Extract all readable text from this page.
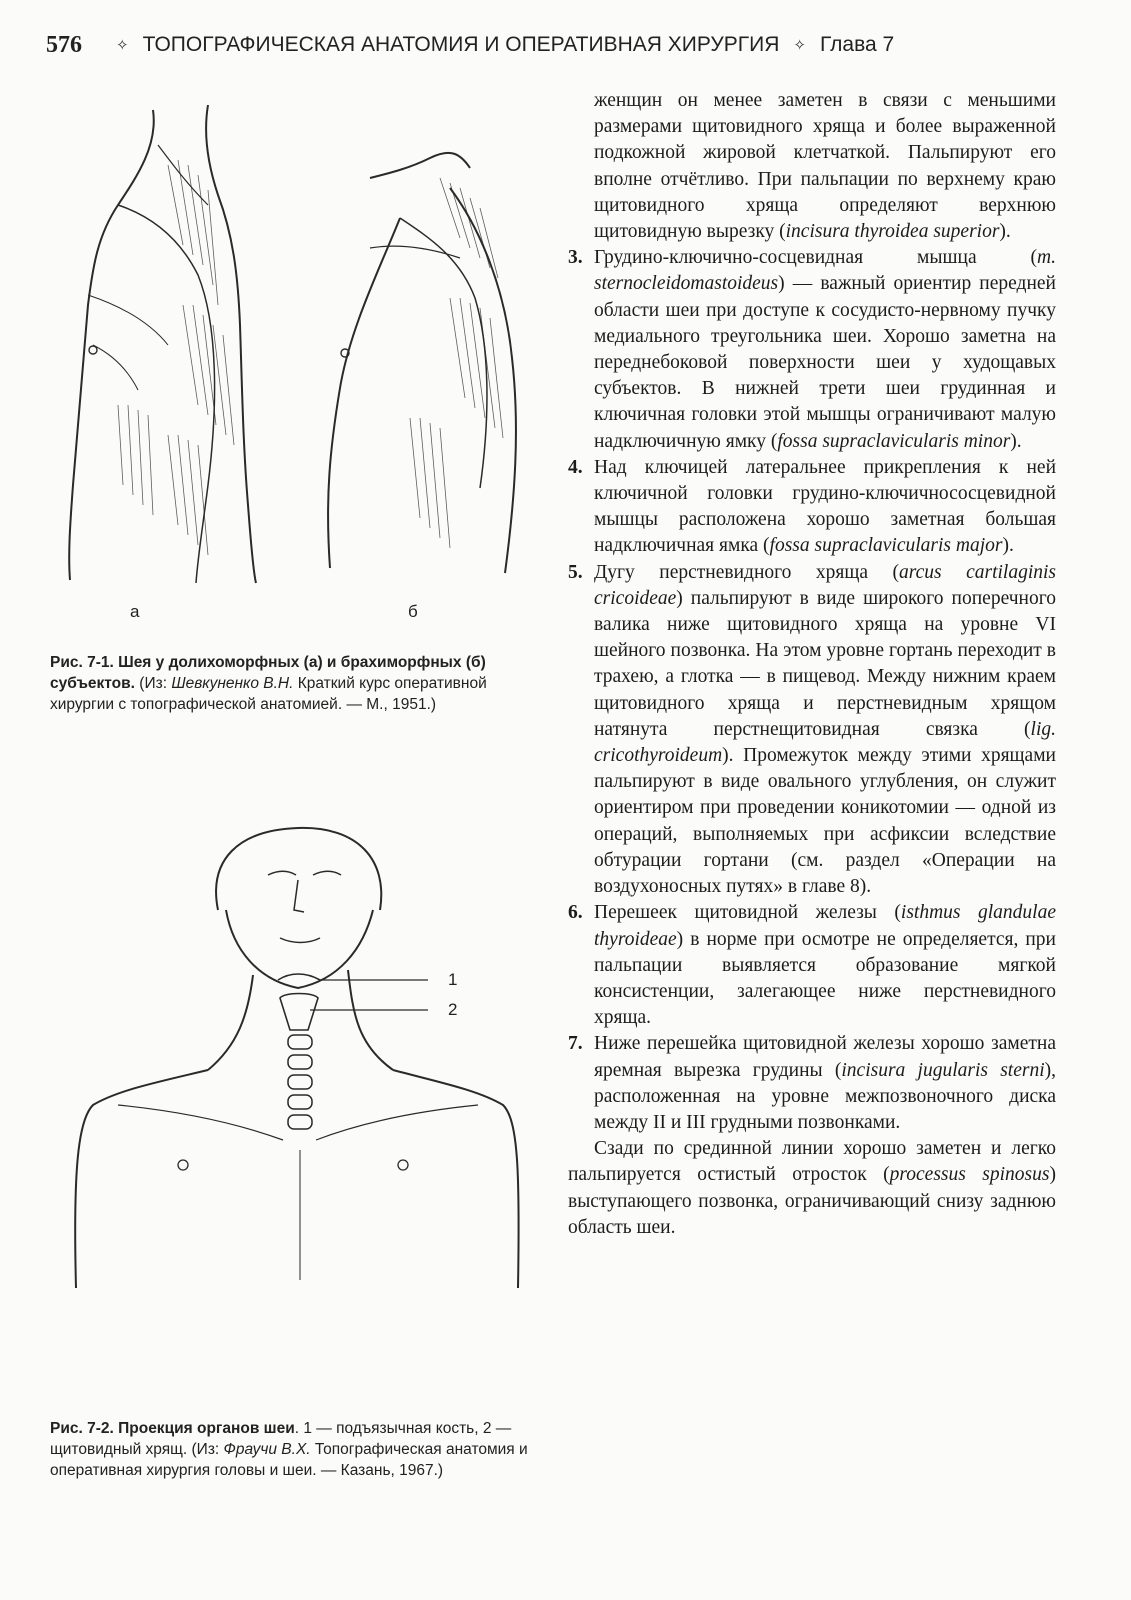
576 ✧ ТОПОГРАФИЧЕСКАЯ АНАТОМИЯ И ОПЕРАТИВНАЯ ХИРУРГИЯ ✧ Глава 7
а	б
Рис. 7-1. Шея у долихоморфных (а) и брахиморфных (б) субъектов. (Из: Шевкуненко В.Н. Краткий курс оперативной хирургии с топографической анатомией. — М., 1951.)
1
2
Рис. 7-2. Проекция органов шеи. 1 — подъязычная кость, 2 — щитовидный хрящ. (Из: Фраучи В.Х. Топографическая анатомия и оперативная хирургия головы и шеи. — Казань, 1967.)

женщин он менее заметен в связи с меньшими размерами щитовидного хряща и более выраженной подкожной жировой клетчаткой. Пальпируют его вполне отчётливо. При пальпации по верхнему краю щитовидного хряща определяют верхнюю щитовидную вырезку (incisura thyroidea superior).

3. Грудино-ключично-сосцевидная мышца (m. sternocleidomastoideus) — важный ориентир передней области шеи при доступе к сосудисто-нервному пучку медиального треугольника шеи. Хорошо заметна на переднебоковой поверхности шеи у худощавых субъектов. В нижней трети шеи грудинная и ключичная головки этой мышцы ограничивают малую надключичную ямку (fossa supraclavicularis minor).

4. Над ключицей латеральнее прикрепления к ней ключичной головки грудино-ключичнососцевидной мышцы расположена хорошо заметная большая надключичная ямка (fossa supraclavicularis major).

5. Дугу перстневидного хряща (arcus cartilaginis cricoideae) пальпируют в виде широкого поперечного валика ниже щитовидного хряща на уровне VI шейного позвонка. На этом уровне гортань переходит в трахею, а глотка — в пищевод. Между нижним краем щитовидного хряща и перстневидным хрящом натянута перстнещитовидная связка (lig. cricothyroideum). Промежуток между этими хрящами пальпируют в виде овального углубления, он служит ориентиром при проведении коникотомии — одной из операций, выполняемых при асфиксии вследствие обтурации гортани (см. раздел «Операции на воздухоносных путях» в главе 8).

6. Перешеек щитовидной железы (isthmus glandulae thyroideae) в норме при осмотре не определяется, при пальпации выявляется образование мягкой консистенции, залегающее ниже перстневидного хряща.

7. Ниже перешейка щитовидной железы хорошо заметна яремная вырезка грудины (incisura jugularis sterni), расположенная на уровне межпозвоночного диска между II и III грудными позвонками.

Сзади по срединной линии хорошо заметен и легко пальпируется остистый отросток (processus spinosus) выступающего позвонка, ограничивающий снизу заднюю область шеи.
